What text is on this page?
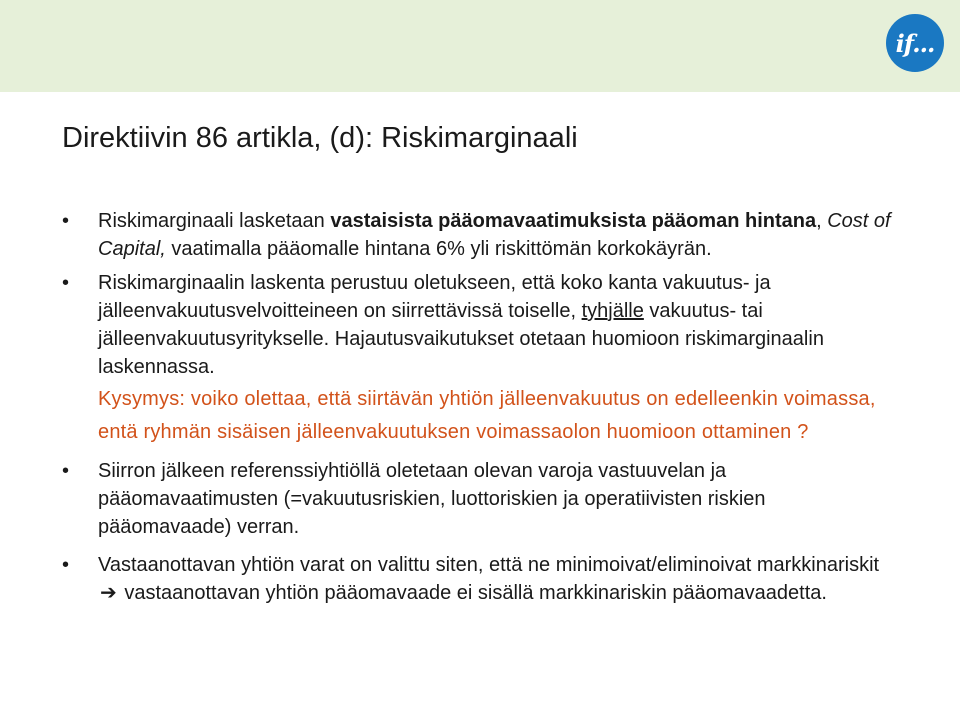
if...
Direktiivin 86 artikla, (d): Riskimarginaali

• Riskimarginaali lasketaan vastaisista pääomavaatimuksista pääoman hintana, Cost of Capital, vaatimalla pääomalle hintana 6% yli riskittömän korkokäyrän.

• Riskimarginaalin laskenta perustuu oletukseen, että koko kanta vakuutus- ja jälleenvakuutusvelvoitteineen on siirrettävissä toiselle, tyhjälle vakuutus- tai jälleenvakuutusyritykselle. Hajautusvaikutukset otetaan huomioon riskimarginaalin laskennassa.

Kysymys: voiko olettaa, että siirtävän yhtiön jälleenvakuutus on edelleenkin voimassa, entä ryhmän sisäisen jälleenvakuutuksen voimassaolon huomioon ottaminen ?

• Siirron jälkeen referenssiyhtiöllä oletetaan olevan varoja vastuuvelan ja pääomavaatimusten (=vakuutusriskien, luottoriskien ja operatiivisten riskien pääomavaade) verran.

• Vastaanottavan yhtiön varat on valittu siten, että ne minimoivat/eliminoivat markkinariskit ➔ vastaanottavan yhtiön pääomavaade ei sisällä markkinariskin pääomavaadetta.
